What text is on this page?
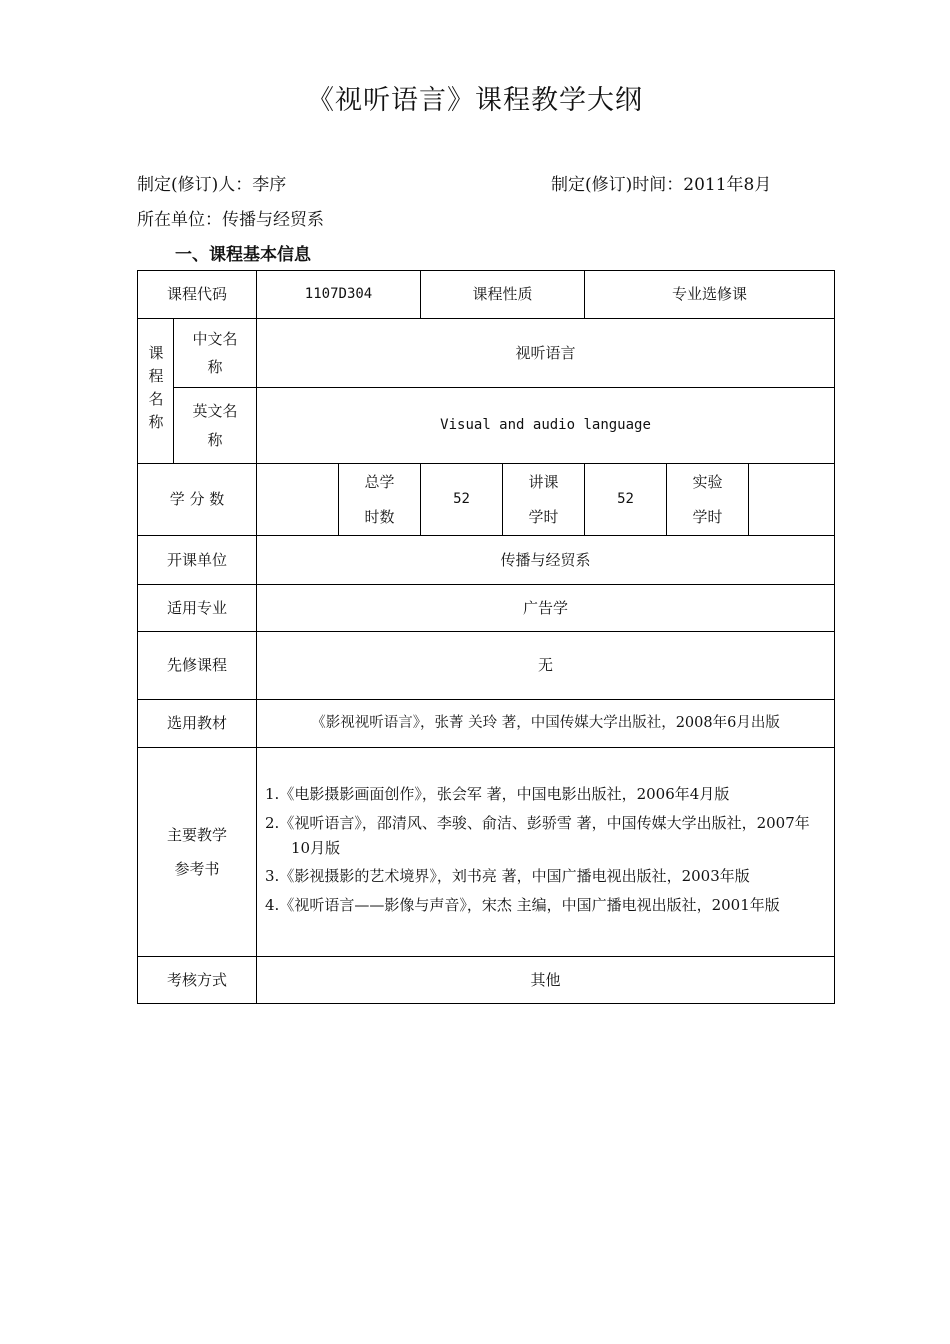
《视听语言》课程教学大纲
制定(修订)人：李序	制定(修订)时间：2011年8月
所在单位：传播与经贸系
一、课程基本信息
课程代码		1107D304		课程性质		专业选修课		
课程名称	中文名称	视听语言						
	英文名称	Visual and audio language						
学 分 数			总学时数	52	讲课学时	52	实验学时	
开课单位		传播与经贸系						
适用专业		广告学						
先修课程		无						
选用教材		《影视视听语言》，张菁 关玲 著，中国传媒大学出版社，2008年6月出版						
主要教学参考书		1.《电影摄影画面创作》，张会军 著，中国电影出版社，2006年4月版
2.《视听语言》，邵清风、李骏、俞洁、彭骄雪 著，中国传媒大学出版社，2007年10月版
3.《影视摄影的艺术境界》，刘书亮 著，中国广播电视出版社，2003年版
4.《视听语言——影像与声音》，宋杰 主编，中国广播电视出版社，2001年版						

考核方式		其他						
